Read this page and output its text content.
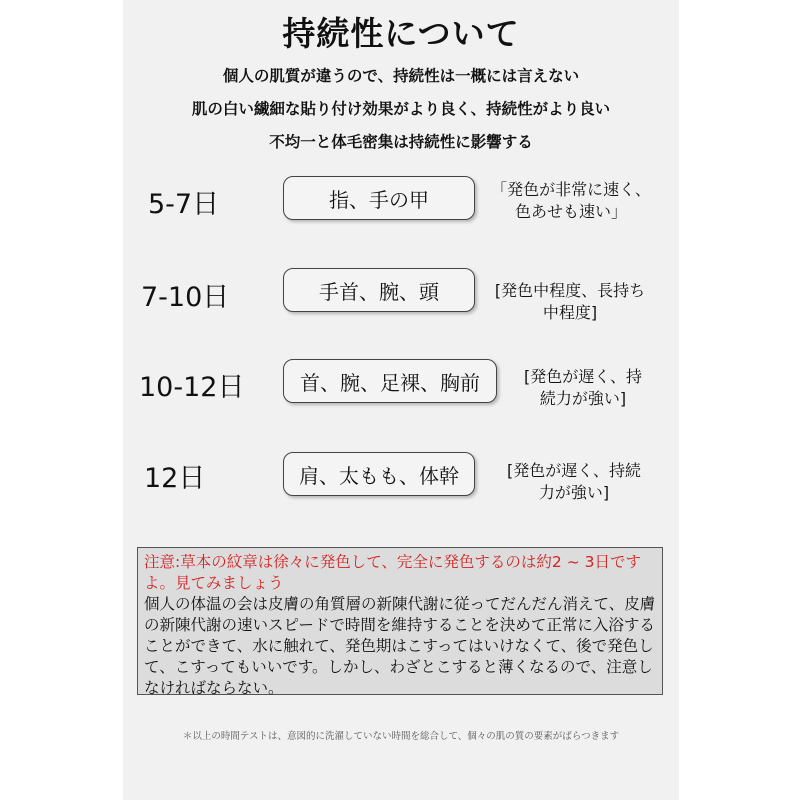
持続性について
個人の肌質が違うので、持続性は一概には言えない
肌の白い繊細な貼り付け効果がより良く、持続性がより良い
不均一と体毛密集は持続性に影響する
5-7日	指、手の甲	「発色が非常に速く、
色あせも速い」
7-10日	手首、腕、頭	[発色中程度、長持ち
中程度]
10-12日	首、腕、足裸、胸前	[発色が遅く、持
続力が強い]
12日	肩、太もも、体幹	[発色が遅く、持続
力が強い]
注意:草本の紋章は徐々に発色して、完全に発色するのは約2 ~ 3日ですよ。見てみましょう
個人の体温の会は皮膚の角質層の新陳代謝に従ってだんだん消えて、皮膚の新陳代謝の速いスピードで時間を維持することを決めて正常に入浴することができて、水に触れて、発色期はこすってはいけなくて、後で発色して、こすってもいいです。しかし、わざとこすると薄くなるので、注意しなければならない。
＊以上の時間テストは、意図的に洗濯していない時間を総合して、個々の肌の質の要素がばらつきます
